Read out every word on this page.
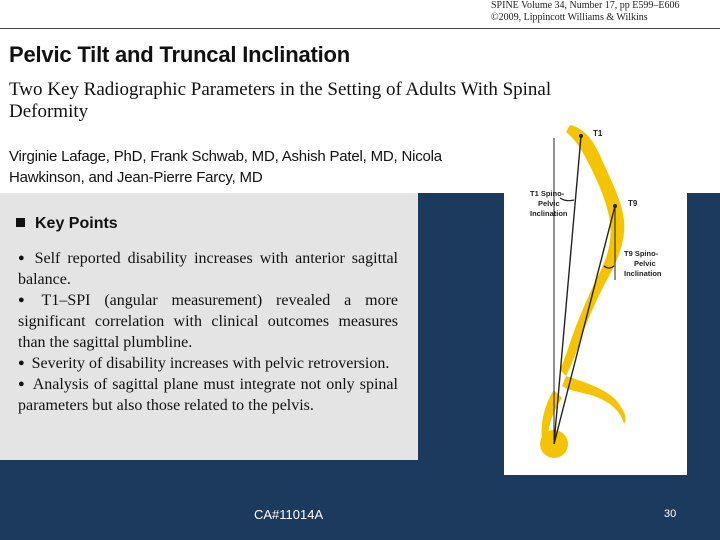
SPINE Volume 34, Number 17, pp E599–E606
©2009, Lippincott Williams & Wilkins
Pelvic Tilt and Truncal Inclination
Two Key Radiographic Parameters in the Setting of Adults With Spinal Deformity
Virginie Lafage, PhD, Frank Schwab, MD, Ashish Patel, MD, Nicola Hawkinson, and Jean-Pierre Farcy, MD
Key Points
● Self reported disability increases with anterior sagittal balance.
● T1–SPI (angular measurement) revealed a more significant correlation with clinical outcomes measures than the sagittal plumbline.
● Severity of disability increases with pelvic retroversion.
● Analysis of sagittal plane must integrate not only spinal parameters but also those related to the pelvis.
T1
T9
T1 Spino-
Pelvic
Inclination
T9 Spino-
Pelvic
Inclination
CA#11014A	30
